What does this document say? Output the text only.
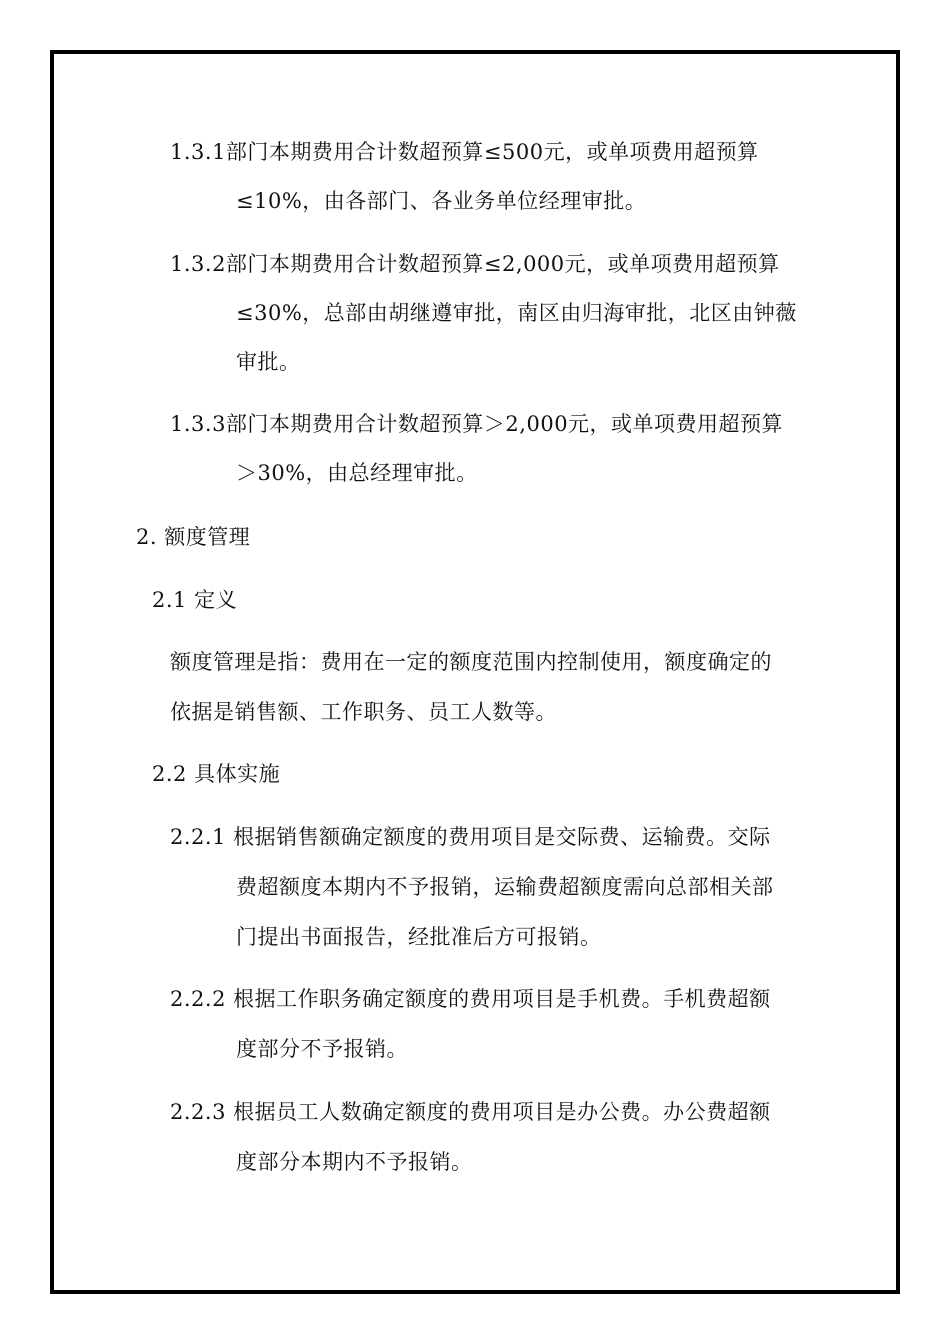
1.3.1部门本期费用合计数超预算≤500元，或单项费用超预算
≤10%，由各部门、各业务单位经理审批。
1.3.2部门本期费用合计数超预算≤2,000元，或单项费用超预算
≤30%，总部由胡继遵审批，南区由归海审批，北区由钟薇
审批。
1.3.3部门本期费用合计数超预算＞2,000元，或单项费用超预算
＞30%，由总经理审批。
2. 额度管理
2.1 定义
额度管理是指：费用在一定的额度范围内控制使用，额度确定的
依据是销售额、工作职务、员工人数等。
2.2 具体实施
2.2.1 根据销售额确定额度的费用项目是交际费、运输费。交际
费超额度本期内不予报销，运输费超额度需向总部相关部
门提出书面报告，经批准后方可报销。
2.2.2 根据工作职务确定额度的费用项目是手机费。手机费超额
度部分不予报销。
2.2.3 根据员工人数确定额度的费用项目是办公费。办公费超额
度部分本期内不予报销。
